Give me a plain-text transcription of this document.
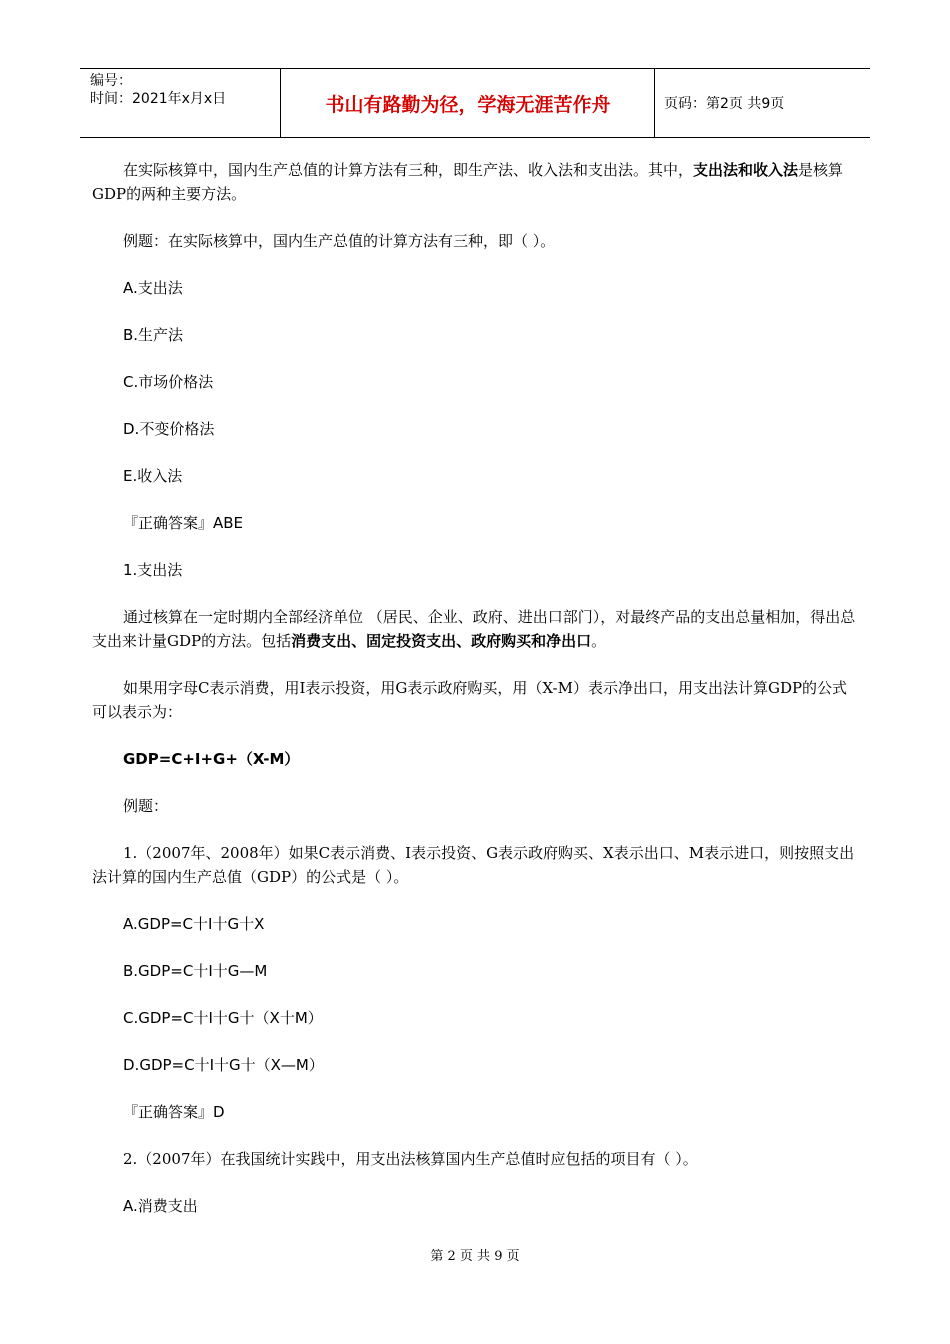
编号：
时间：2021年x月x日	书山有路勤为径，学海无涯苦作舟	页码：第2页 共9页

在实际核算中，国内生产总值的计算方法有三种，即生产法、收入法和支出法。其中，支出法和收入法是核算GDP的两种主要方法。

例题：在实际核算中，国内生产总值的计算方法有三种，即（ ）。

A.支出法

B.生产法

C.市场价格法

D.不变价格法

E.收入法

『正确答案』ABE

1.支出法

通过核算在一定时期内全部经济单位 （居民、企业、政府、进出口部门），对最终产品的支出总量相加，得出总支出来计量GDP的方法。包括消费支出、固定投资支出、政府购买和净出口。

如果用字母C表示消费，用I表示投资，用G表示政府购买，用（X-M）表示净出口，用支出法计算GDP的公式可以表示为：

GDP=C+I+G+（X-M）

例题：

1.（2007年、2008年）如果C表示消费、I表示投资、G表示政府购买、X表示出口、M表示进口，则按照支出法计算的国内生产总值（GDP）的公式是（ ）。

A.GDP=C十I十G十X

B.GDP=C十I十G—M

C.GDP=C十I十G十（X十M）

D.GDP=C十I十G十（X—M）

『正确答案』D

2.（2007年）在我国统计实践中，用支出法核算国内生产总值时应包括的项目有（ ）。

A.消费支出

第 2 页 共 9 页
